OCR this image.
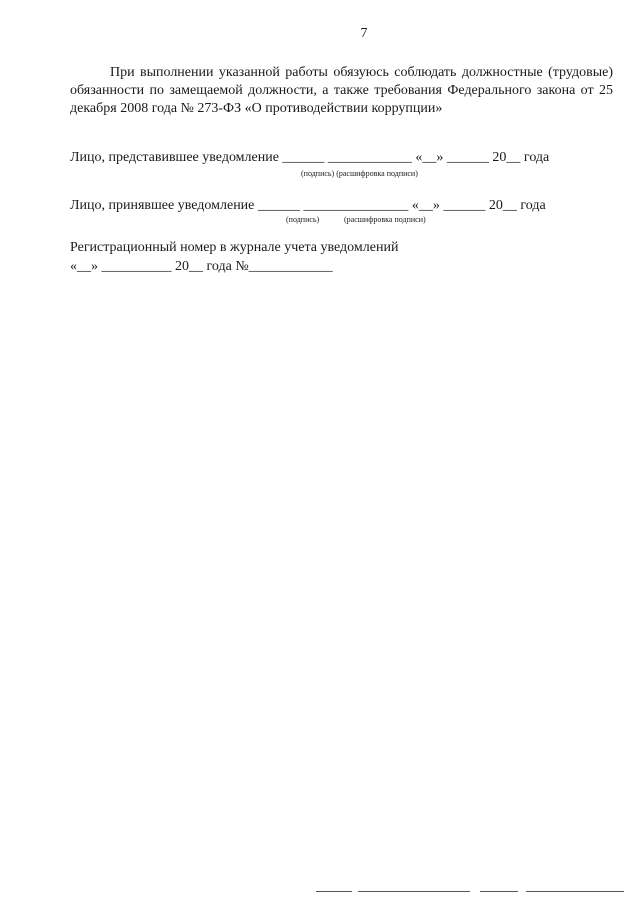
7
При выполнении указанной работы обязуюсь соблюдать должностные (трудовые) обязанности по замещаемой должности, а также требования Федерального закона от 25 декабря 2008 года № 273-ФЗ «О противодействии коррупции»
Лицо, представившее уведомление ______ ____________ «__» ______ 20__ года
(подпись) (расшифровка подписи)
Лицо, принявшее уведомление ______ _______________ «__» ______ 20__ года
(подпись)	(расшифровка подписи)
Регистрационный номер в журнале учета уведомлений
«__» __________ 20__ года №____________
